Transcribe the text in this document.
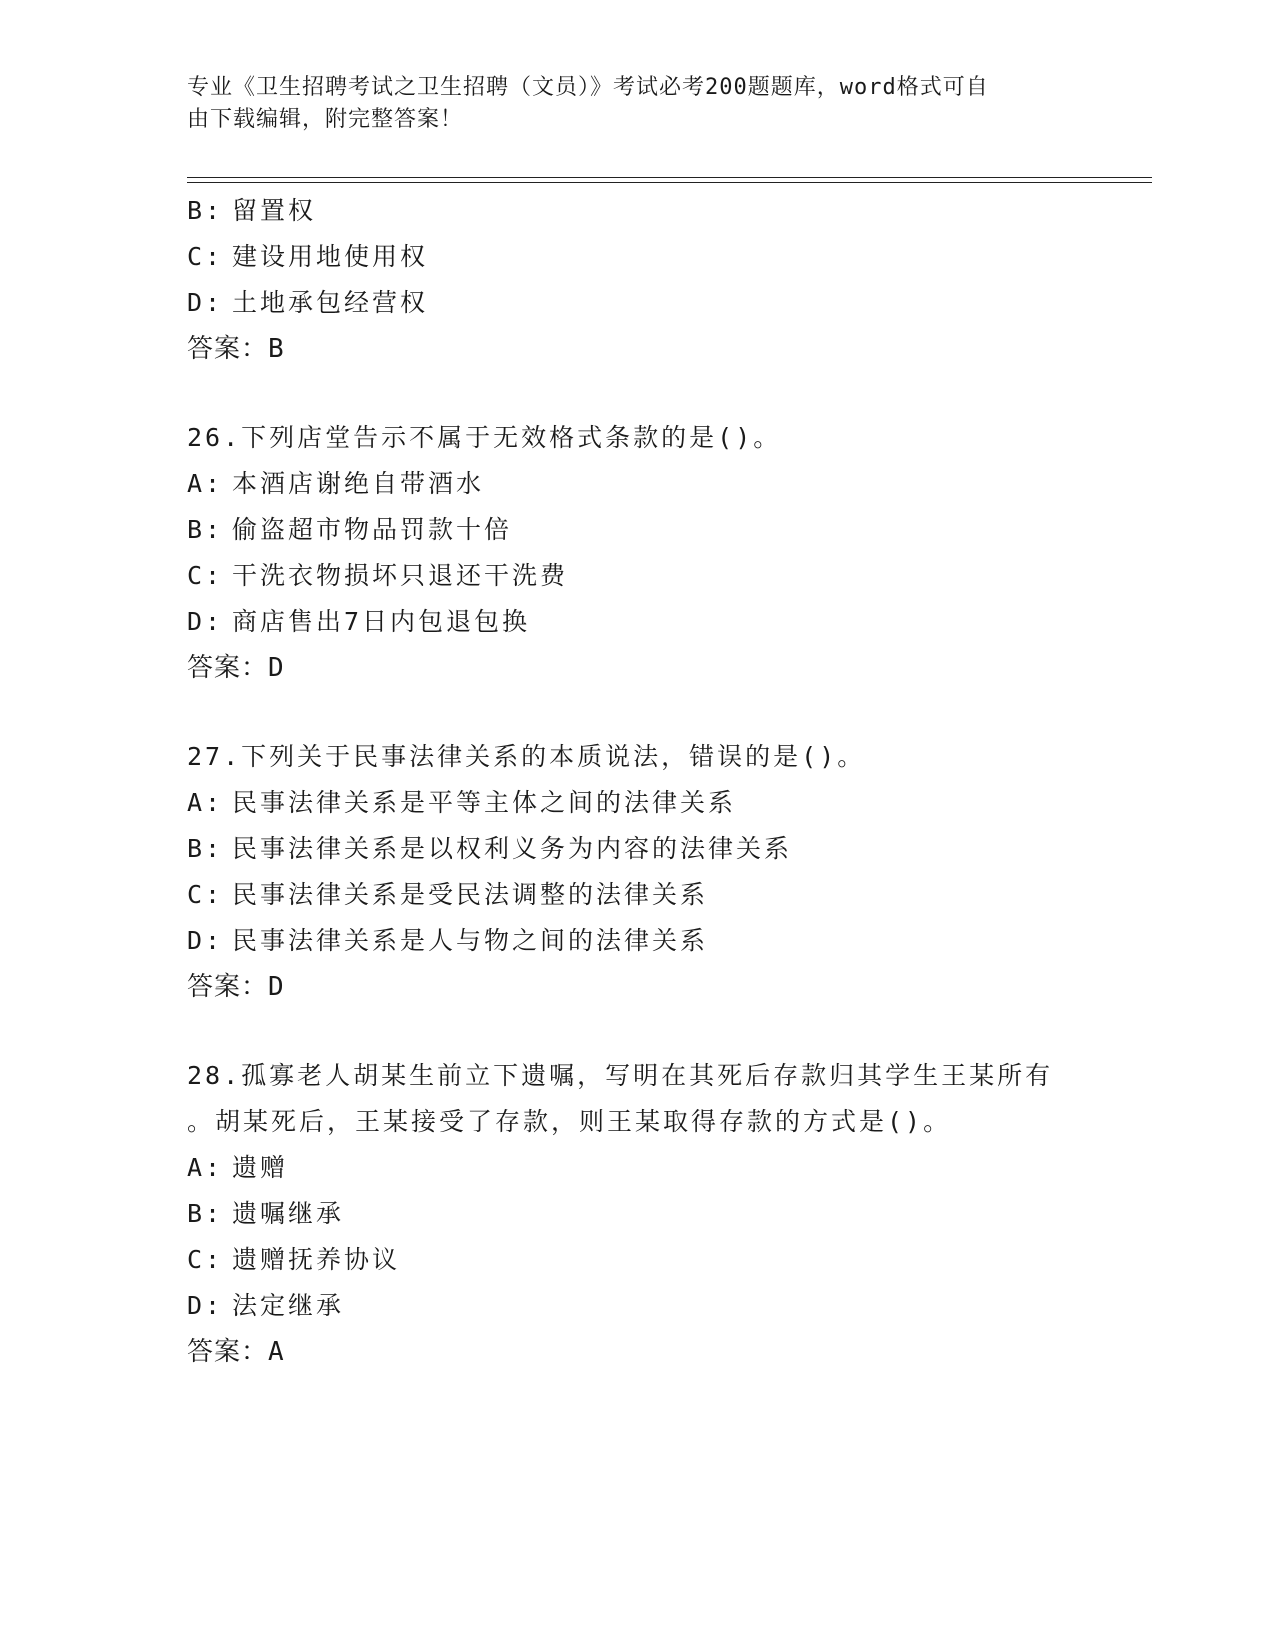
专业《卫生招聘考试之卫生招聘（文员）》考试必考200题题库，word格式可自
由下载编辑，附完整答案！
B: 留置权
C: 建设用地使用权
D: 土地承包经营权
答案：B
26.下列店堂告示不属于无效格式条款的是()。
A: 本酒店谢绝自带酒水
B: 偷盗超市物品罚款十倍
C: 干洗衣物损坏只退还干洗费
D: 商店售出7日内包退包换
答案：D
27.下列关于民事法律关系的本质说法，错误的是()。
A: 民事法律关系是平等主体之间的法律关系
B: 民事法律关系是以权利义务为内容的法律关系
C: 民事法律关系是受民法调整的法律关系
D: 民事法律关系是人与物之间的法律关系
答案：D
28.孤寡老人胡某生前立下遗嘱，写明在其死后存款归其学生王某所有
。胡某死后，王某接受了存款，则王某取得存款的方式是()。
A: 遗赠
B: 遗嘱继承
C: 遗赠抚养协议
D: 法定继承
答案：A
